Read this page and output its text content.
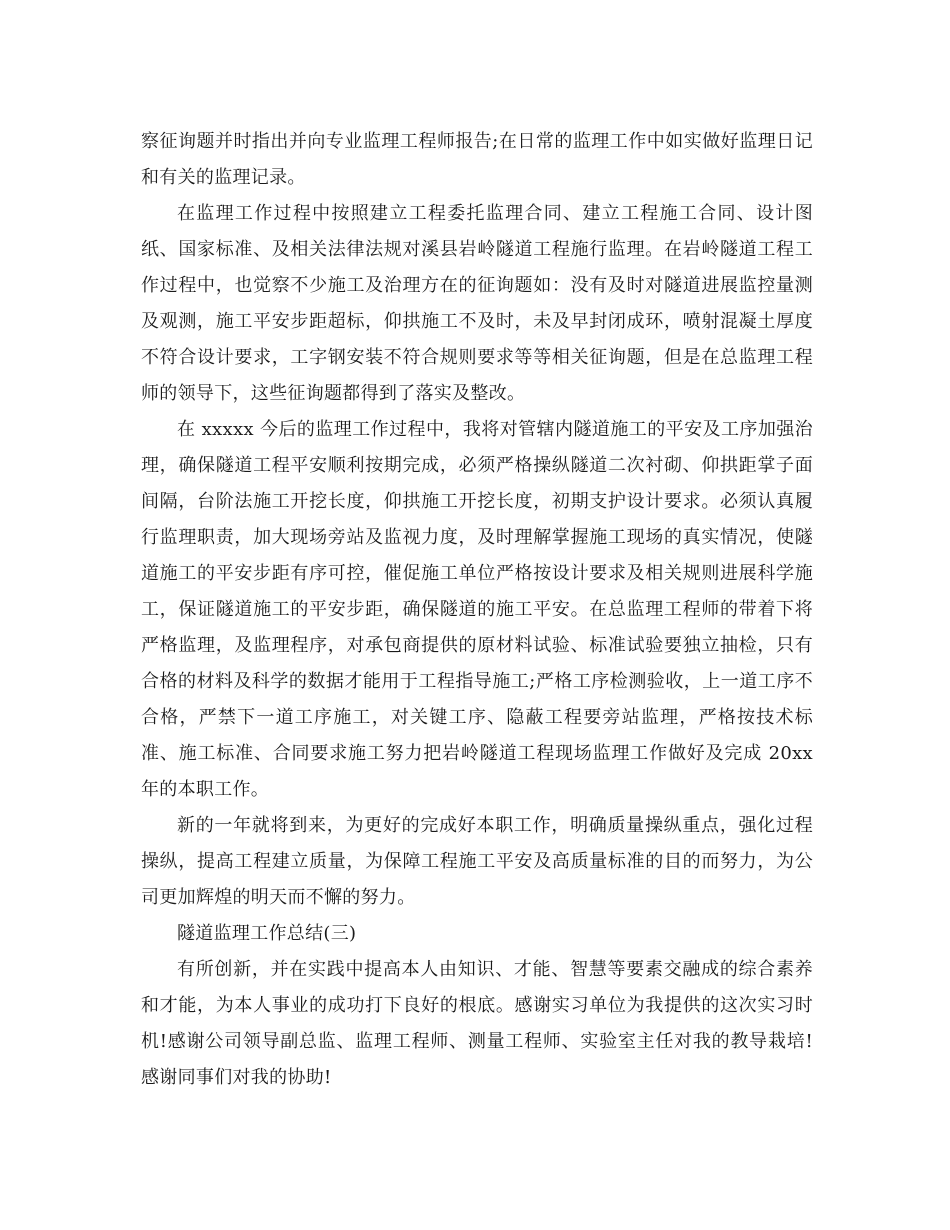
察征询题并时指出并向专业监理工程师报告;在日常的监理工作中如实做好监理日记和有关的监理记录。

在监理工作过程中按照建立工程委托监理合同、建立工程施工合同、设计图纸、国家标准、及相关法律法规对溪县岩岭隧道工程施行监理。在岩岭隧道工程工作过程中，也觉察不少施工及治理方在的征询题如：没有及时对隧道进展监控量测及观测，施工平安步距超标，仰拱施工不及时，未及早封闭成环，喷射混凝土厚度不符合设计要求，工字钢安装不符合规则要求等等相关征询题，但是在总监理工程师的领导下，这些征询题都得到了落实及整改。

在 xxxxx 今后的监理工作过程中，我将对管辖内隧道施工的平安及工序加强治理，确保隧道工程平安顺利按期完成，必须严格操纵隧道二次衬砌、仰拱距掌子面间隔，台阶法施工开挖长度，仰拱施工开挖长度，初期支护设计要求。必须认真履行监理职责，加大现场旁站及监视力度，及时理解掌握施工现场的真实情况，使隧道施工的平安步距有序可控，催促施工单位严格按设计要求及相关规则进展科学施工，保证隧道施工的平安步距，确保隧道的施工平安。在总监理工程师的带着下将严格监理，及监理程序，对承包商提供的原材料试验、标准试验要独立抽检，只有合格的材料及科学的数据才能用于工程指导施工;严格工序检测验收，上一道工序不合格，严禁下一道工序施工，对关键工序、隐蔽工程要旁站监理，严格按技术标准、施工标准、合同要求施工努力把岩岭隧道工程现场监理工作做好及完成 20xx 年的本职工作。

新的一年就将到来，为更好的完成好本职工作，明确质量操纵重点，强化过程操纵，提高工程建立质量，为保障工程施工平安及高质量标准的目的而努力，为公司更加辉煌的明天而不懈的努力。

隧道监理工作总结(三)

有所创新，并在实践中提高本人由知识、才能、智慧等要素交融成的综合素养和才能，为本人事业的成功打下良好的根底。感谢实习单位为我提供的这次实习时机!感谢公司领导副总监、监理工程师、测量工程师、实验室主任对我的教导栽培!感谢同事们对我的协助!
